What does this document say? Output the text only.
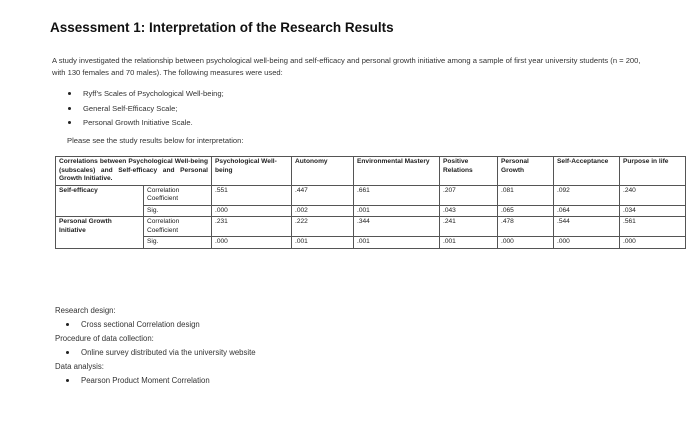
Assessment 1: Interpretation of the Research Results
A study investigated the relationship between psychological well-being and self-efficacy and personal growth initiative among a sample of first year university students (n = 200, with 130 females and 70 males). The following measures were used:
Ryff’s Scales of Psychological Well-being;
General Self-Efficacy Scale;
Personal Growth Initiative Scale.
Please see the study results below for interpretation:
Correlations between Psychological Well-being (subscales) and Self-efficacy and Personal Growth Initiative.		Psychological Well-being	Autonomy	Environmental Mastery	Positive Relations	Personal Growth	Self-Acceptance	Purpose in life
Self-efficacy	Correlation Coefficient	.551	.447	.661	.207	.081	.092	.240
	Sig.	.000	.002	.001	.043	.065	.064	.034
Personal Growth Initiative	Correlation Coefficient	.231	.222	.344	.241	.478	.544	.561
	Sig.	.000	.001	.001	.001	.000	.000	.000
Research design:
Cross sectional Correlation design
Procedure of data collection:
Online survey distributed via the university website
Data analysis:
Pearson Product Moment Correlation
